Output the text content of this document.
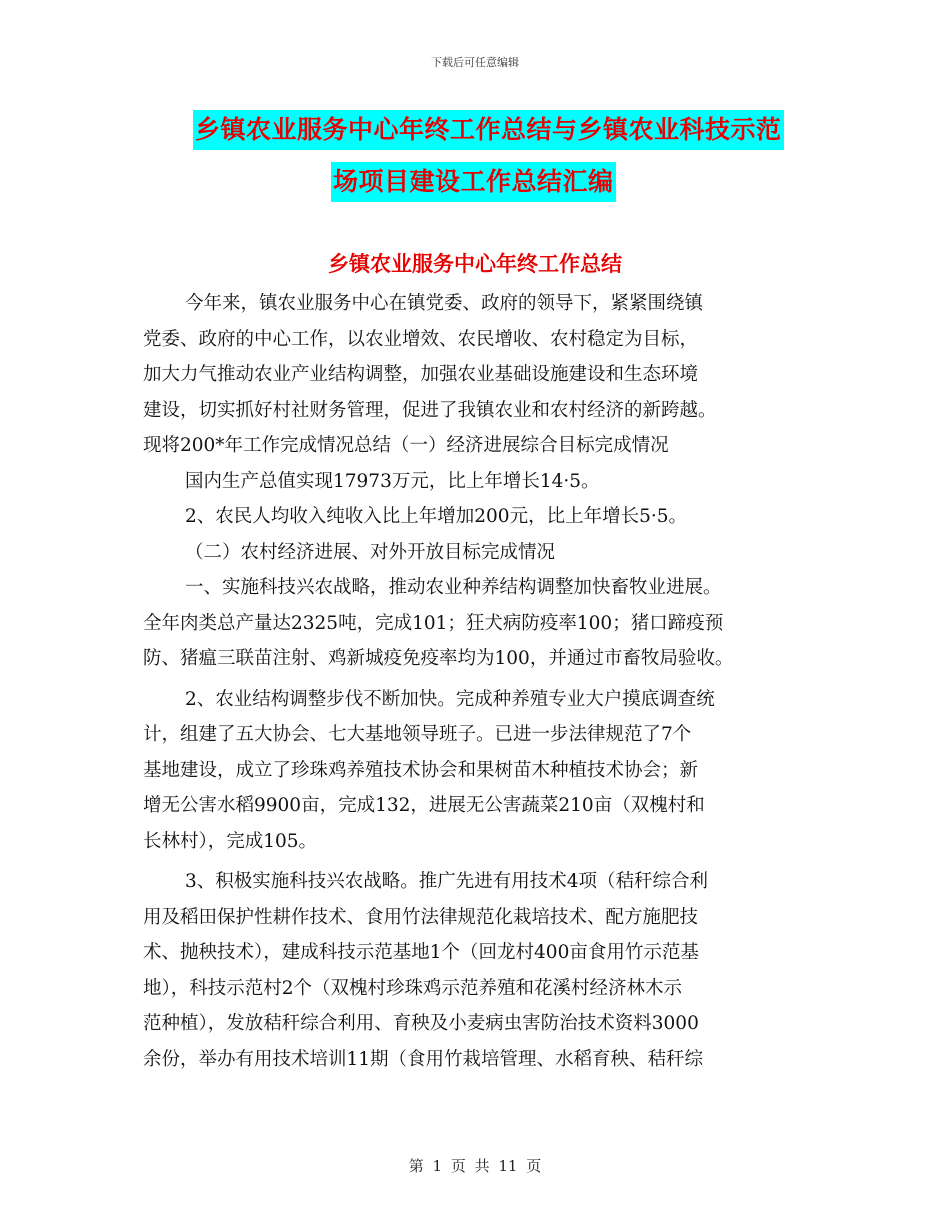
下载后可任意编辑
乡镇农业服务中心年终工作总结与乡镇农业科技示范
场项目建设工作总结汇编
乡镇农业服务中心年终工作总结
今年来，镇农业服务中心在镇党委、政府的领导下，紧紧围绕镇
党委、政府的中心工作，以农业增效、农民增收、农村稳定为目标，
加大力气推动农业产业结构调整，加强农业基础设施建设和生态环境
建设，切实抓好村社财务管理，促进了我镇农业和农村经济的新跨越。
现将200*年工作完成情况总结（一）经济进展综合目标完成情况
国内生产总值实现17973万元，比上年增长14·5。
2、农民人均收入纯收入比上年增加200元，比上年增长5·5。
（二）农村经济进展、对外开放目标完成情况
一、实施科技兴农战略，推动农业种养结构调整加快畜牧业进展。
全年肉类总产量达2325吨，完成101；狂犬病防疫率100；猪口蹄疫预
防、猪瘟三联苗注射、鸡新城疫免疫率均为100，并通过市畜牧局验收。
2、农业结构调整步伐不断加快。完成种养殖专业大户摸底调查统
计，组建了五大协会、七大基地领导班子。已进一步法律规范了7个
基地建设，成立了珍珠鸡养殖技术协会和果树苗木种植技术协会；新
增无公害水稻9900亩，完成132，进展无公害蔬菜210亩（双槐村和
长林村），完成105。
3、积极实施科技兴农战略。推广先进有用技术4项（秸秆综合利
用及稻田保护性耕作技术、食用竹法律规范化栽培技术、配方施肥技
术、抛秧技术），建成科技示范基地1个（回龙村400亩食用竹示范基
地），科技示范村2个（双槐村珍珠鸡示范养殖和花溪村经济林木示
范种植），发放秸秆综合利用、育秧及小麦病虫害防治技术资料3000
余份，举办有用技术培训11期（食用竹栽培管理、水稻育秧、秸秆综
第 1 页 共 11 页
